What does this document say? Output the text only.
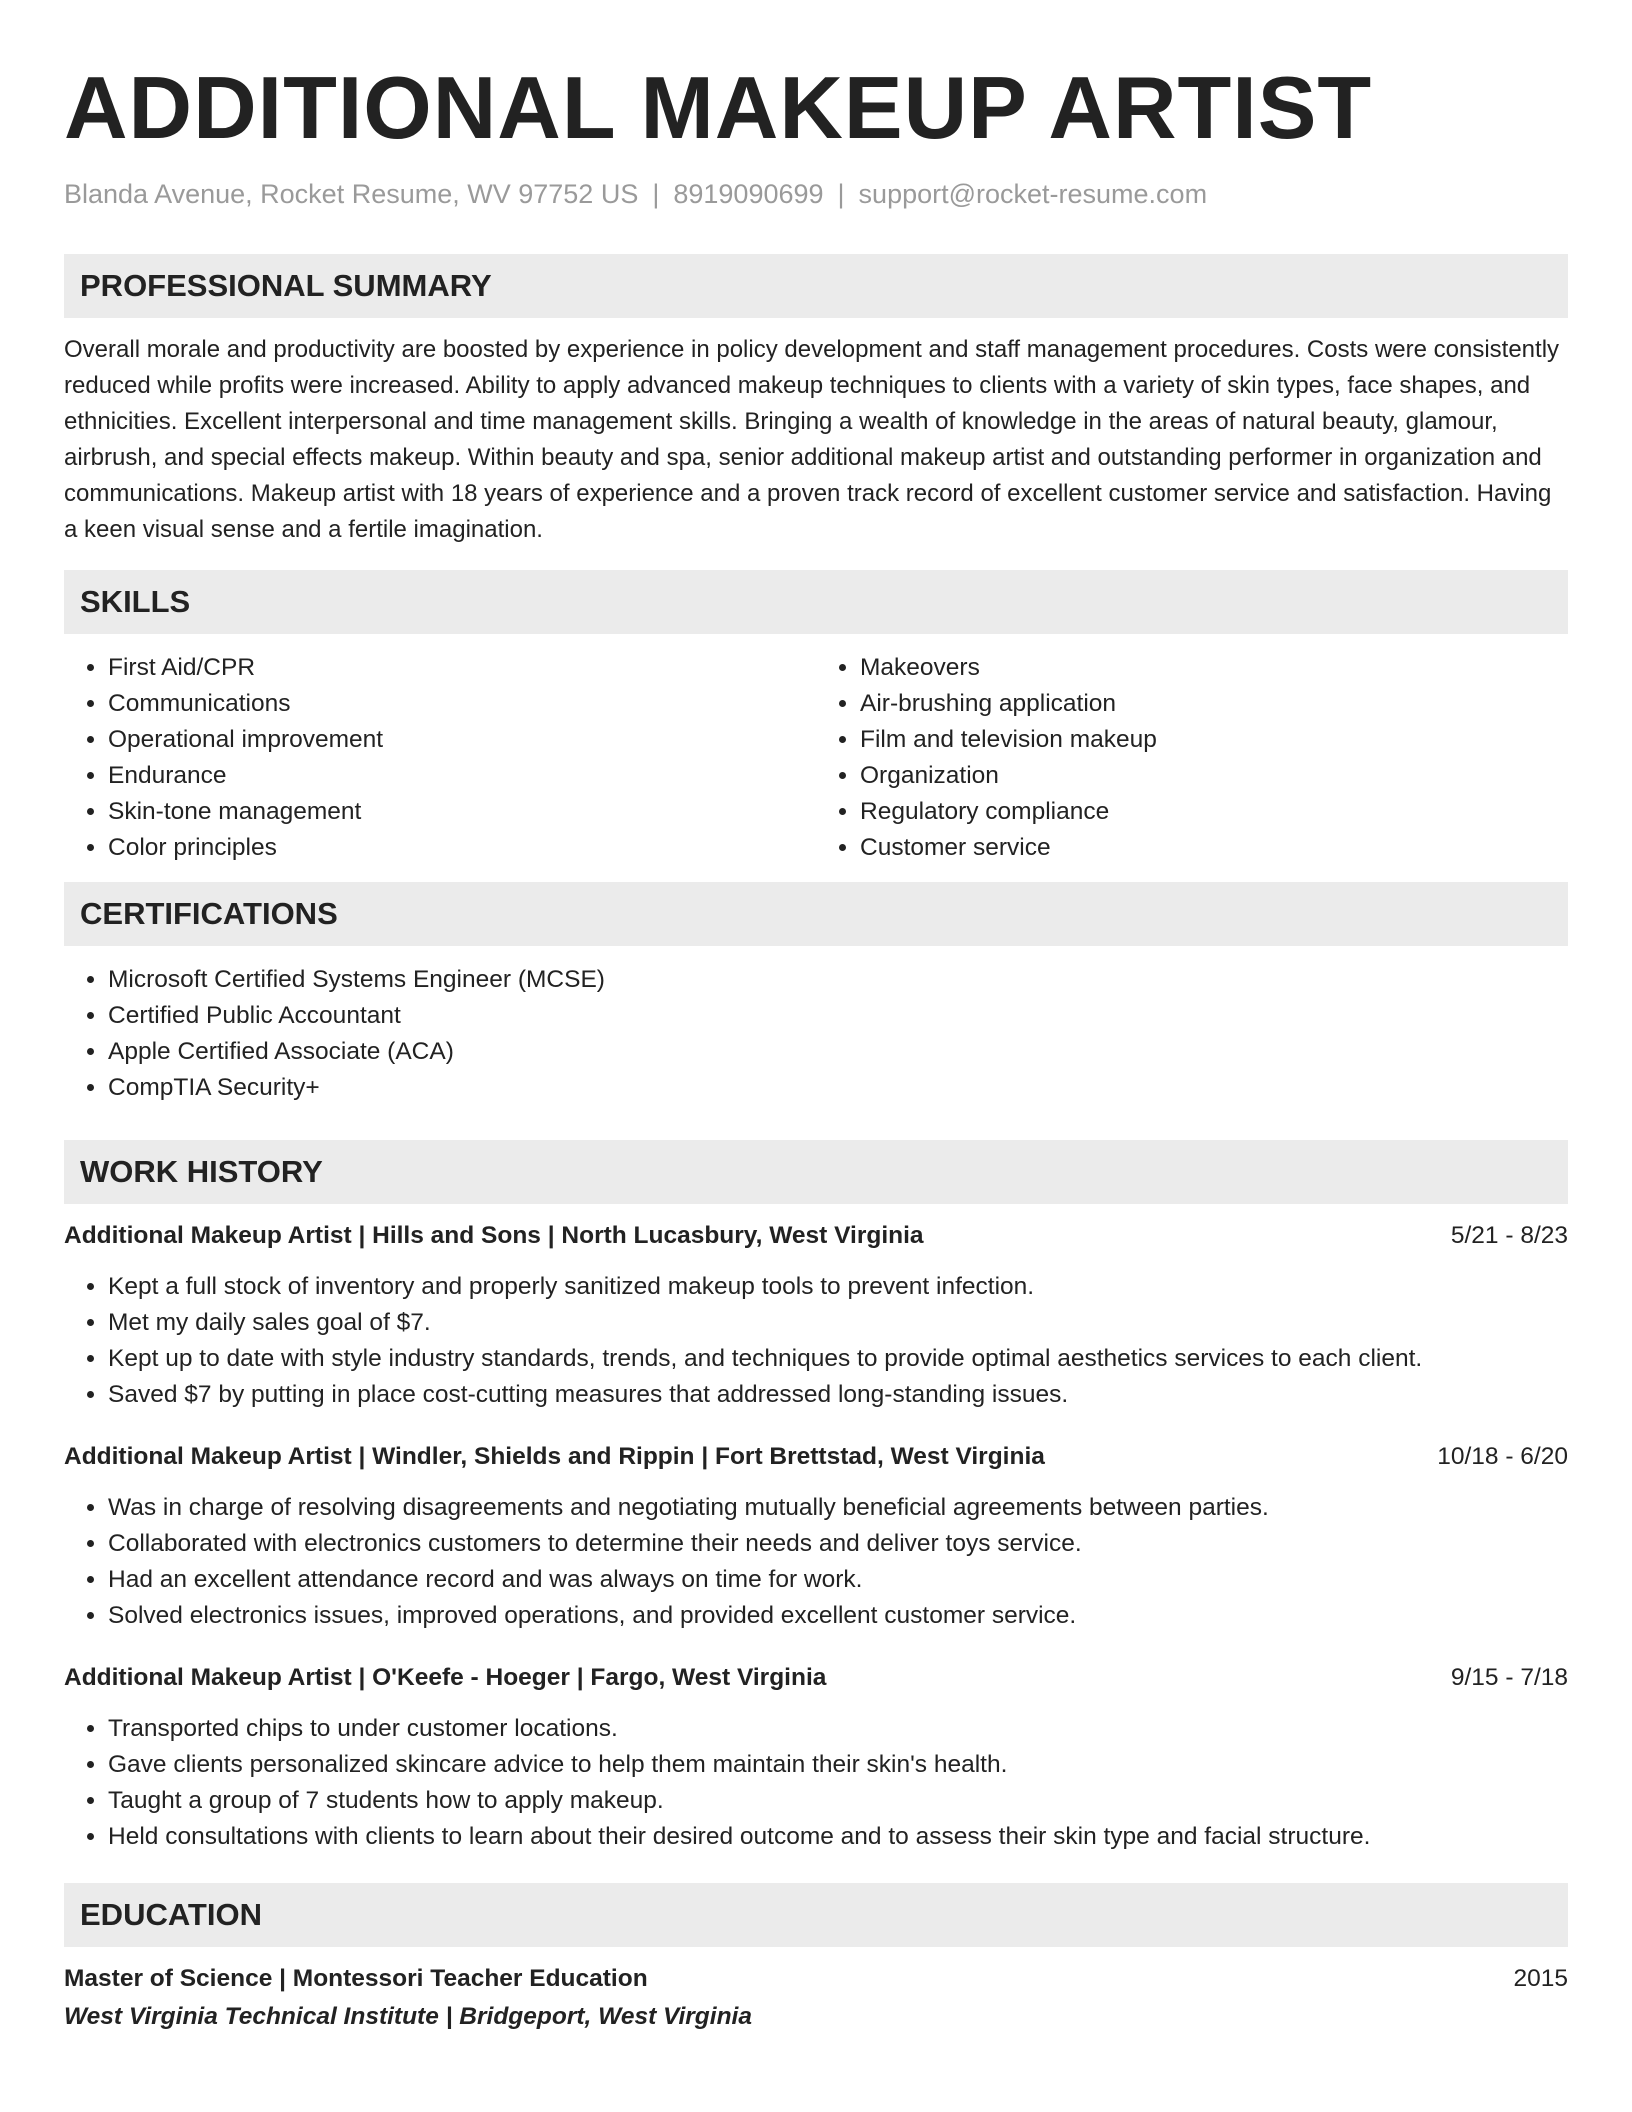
ADDITIONAL MAKEUP ARTIST
Blanda Avenue, Rocket Resume, WV 97752 US | 8919090699 | support@rocket-resume.com
PROFESSIONAL SUMMARY
Overall morale and productivity are boosted by experience in policy development and staff management procedures. Costs were consistently reduced while profits were increased. Ability to apply advanced makeup techniques to clients with a variety of skin types, face shapes, and ethnicities. Excellent interpersonal and time management skills. Bringing a wealth of knowledge in the areas of natural beauty, glamour, airbrush, and special effects makeup. Within beauty and spa, senior additional makeup artist and outstanding performer in organization and communications. Makeup artist with 18 years of experience and a proven track record of excellent customer service and satisfaction. Having a keen visual sense and a fertile imagination.
SKILLS
• First Aid/CPR
• Communications
• Operational improvement
• Endurance
• Skin-tone management
• Color principles
• Makeovers
• Air-brushing application
• Film and television makeup
• Organization
• Regulatory compliance
• Customer service
CERTIFICATIONS
• Microsoft Certified Systems Engineer (MCSE)
• Certified Public Accountant
• Apple Certified Associate (ACA)
• CompTIA Security+
WORK HISTORY
Additional Makeup Artist | Hills and Sons | North Lucasbury, West Virginia	5/21 - 8/23
• Kept a full stock of inventory and properly sanitized makeup tools to prevent infection.
• Met my daily sales goal of $7.
• Kept up to date with style industry standards, trends, and techniques to provide optimal aesthetics services to each client.
• Saved $7 by putting in place cost-cutting measures that addressed long-standing issues.
Additional Makeup Artist | Windler, Shields and Rippin | Fort Brettstad, West Virginia	10/18 - 6/20
• Was in charge of resolving disagreements and negotiating mutually beneficial agreements between parties.
• Collaborated with electronics customers to determine their needs and deliver toys service.
• Had an excellent attendance record and was always on time for work.
• Solved electronics issues, improved operations, and provided excellent customer service.
Additional Makeup Artist | O'Keefe - Hoeger | Fargo, West Virginia	9/15 - 7/18
• Transported chips to under customer locations.
• Gave clients personalized skincare advice to help them maintain their skin's health.
• Taught a group of 7 students how to apply makeup.
• Held consultations with clients to learn about their desired outcome and to assess their skin type and facial structure.
EDUCATION
Master of Science | Montessori Teacher Education	2015
West Virginia Technical Institute | Bridgeport, West Virginia
